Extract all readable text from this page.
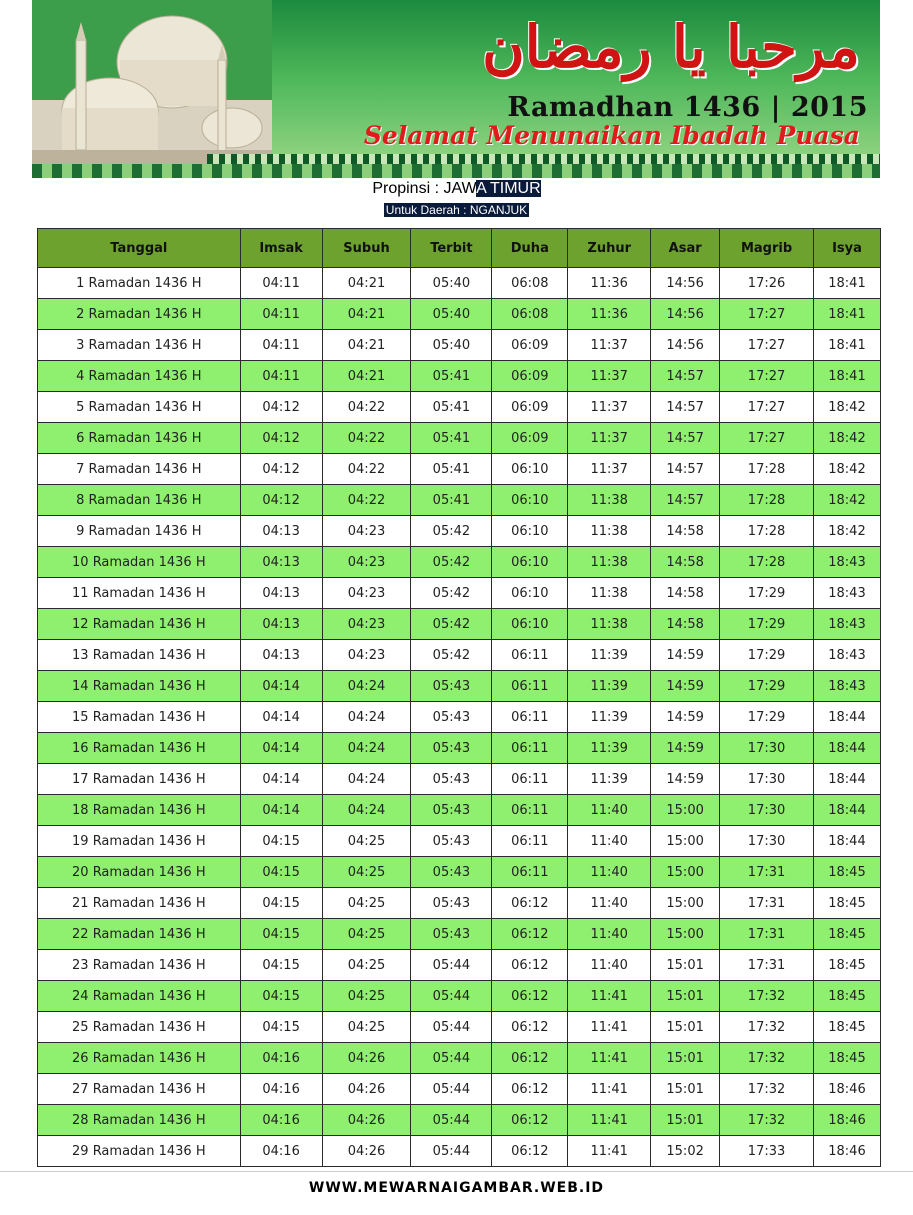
مرحبا يا رمضان
Ramadhan 1436 | 2015
Selamat Menunaikan Ibadah Puasa
Propinsi : JAWA TIMUR
Untuk Daerah : NGANJUK
Tanggal	Imsak	Subuh	Terbit	Duha	Zuhur	Asar	Magrib	Isya
1 Ramadan 1436 H	04:11	04:21	05:40	06:08	11:36	14:56	17:26	18:41
2 Ramadan 1436 H	04:11	04:21	05:40	06:08	11:36	14:56	17:27	18:41
3 Ramadan 1436 H	04:11	04:21	05:40	06:09	11:37	14:56	17:27	18:41
4 Ramadan 1436 H	04:11	04:21	05:41	06:09	11:37	14:57	17:27	18:41
5 Ramadan 1436 H	04:12	04:22	05:41	06:09	11:37	14:57	17:27	18:42
6 Ramadan 1436 H	04:12	04:22	05:41	06:09	11:37	14:57	17:27	18:42
7 Ramadan 1436 H	04:12	04:22	05:41	06:10	11:37	14:57	17:28	18:42
8 Ramadan 1436 H	04:12	04:22	05:41	06:10	11:38	14:57	17:28	18:42
9 Ramadan 1436 H	04:13	04:23	05:42	06:10	11:38	14:58	17:28	18:42
10 Ramadan 1436 H	04:13	04:23	05:42	06:10	11:38	14:58	17:28	18:43
11 Ramadan 1436 H	04:13	04:23	05:42	06:10	11:38	14:58	17:29	18:43
12 Ramadan 1436 H	04:13	04:23	05:42	06:10	11:38	14:58	17:29	18:43
13 Ramadan 1436 H	04:13	04:23	05:42	06:11	11:39	14:59	17:29	18:43
14 Ramadan 1436 H	04:14	04:24	05:43	06:11	11:39	14:59	17:29	18:43
15 Ramadan 1436 H	04:14	04:24	05:43	06:11	11:39	14:59	17:29	18:44
16 Ramadan 1436 H	04:14	04:24	05:43	06:11	11:39	14:59	17:30	18:44
17 Ramadan 1436 H	04:14	04:24	05:43	06:11	11:39	14:59	17:30	18:44
18 Ramadan 1436 H	04:14	04:24	05:43	06:11	11:40	15:00	17:30	18:44
19 Ramadan 1436 H	04:15	04:25	05:43	06:11	11:40	15:00	17:30	18:44
20 Ramadan 1436 H	04:15	04:25	05:43	06:11	11:40	15:00	17:31	18:45
21 Ramadan 1436 H	04:15	04:25	05:43	06:12	11:40	15:00	17:31	18:45
22 Ramadan 1436 H	04:15	04:25	05:43	06:12	11:40	15:00	17:31	18:45
23 Ramadan 1436 H	04:15	04:25	05:44	06:12	11:40	15:01	17:31	18:45
24 Ramadan 1436 H	04:15	04:25	05:44	06:12	11:41	15:01	17:32	18:45
25 Ramadan 1436 H	04:15	04:25	05:44	06:12	11:41	15:01	17:32	18:45
26 Ramadan 1436 H	04:16	04:26	05:44	06:12	11:41	15:01	17:32	18:45
27 Ramadan 1436 H	04:16	04:26	05:44	06:12	11:41	15:01	17:32	18:46
28 Ramadan 1436 H	04:16	04:26	05:44	06:12	11:41	15:01	17:32	18:46
29 Ramadan 1436 H	04:16	04:26	05:44	06:12	11:41	15:02	17:33	18:46
WWW.MEWARNAIGAMBAR.WEB.ID
